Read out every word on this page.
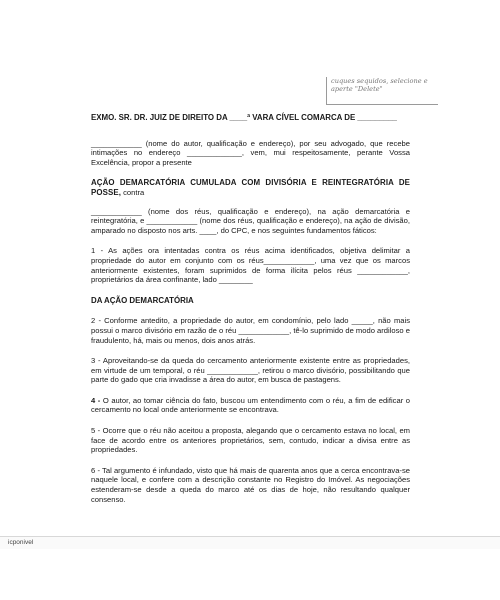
cuques sequidos, selecione e
aperte "Delete"

EXMO. SR. DR. JUIZ DE DIREITO DA ____ª VARA CÍVEL COMARCA DE _________

____________ (nome do autor, qualificação e endereço), por seu advogado, que recebe intimações no endereço _____________, vem, mui respeitosamente, perante Vossa Excelência, propor a presente

AÇÃO DEMARCATÓRIA CUMULADA COM DIVISÓRIA E REINTEGRATÓRIA DE POSSE, contra

____________ (nome dos réus, qualificação e endereço), na ação demarcatória e reintegratória, e ____________ (nome dos réus, qualificação e endereço), na ação de divisão, amparado no disposto nos arts. ____, do CPC, e nos seguintes fundamentos fáticos:

1 - As ações ora intentadas contra os réus acima identificados, objetiva delimitar a propriedade do autor em conjunto com os réus____________, uma vez que os marcos anteriormente existentes, foram suprimidos de forma ilícita pelos réus ____________, proprietários da área confinante, lado ________

DA AÇÃO DEMARCATÓRIA

2 - Conforme antedito, a propriedade do autor, em condomínio, pelo lado _____, não mais possui o marco divisório em razão de o réu ____________, tê-lo suprimido de modo ardiloso e fraudulento, há, mais ou menos, dois anos atrás.

3 - Aproveitando-se da queda do cercamento anteriormente existente entre as propriedades, em virtude de um temporal, o réu ____________, retirou o marco divisório, possibilitando que parte do gado que cria invadisse a área do autor, em busca de pastagens.

4 - O autor, ao tomar ciência do fato, buscou um entendimento com o réu, a fim de edificar o cercamento no local onde anteriormente se encontrava.

5 - Ocorre que o réu não aceitou a proposta, alegando que o cercamento estava no local, em face de acordo entre os anteriores proprietários, sem, contudo, indicar a divisa entre as propriedades.

6 - Tal argumento é infundado, visto que há mais de quarenta anos que a cerca encontrava-se naquele local, e confere com a descrição constante no Registro do Imóvel. As negociações estenderam-se desde a queda do marco até os dias de hoje, não resultando qualquer consenso.

icponivel
